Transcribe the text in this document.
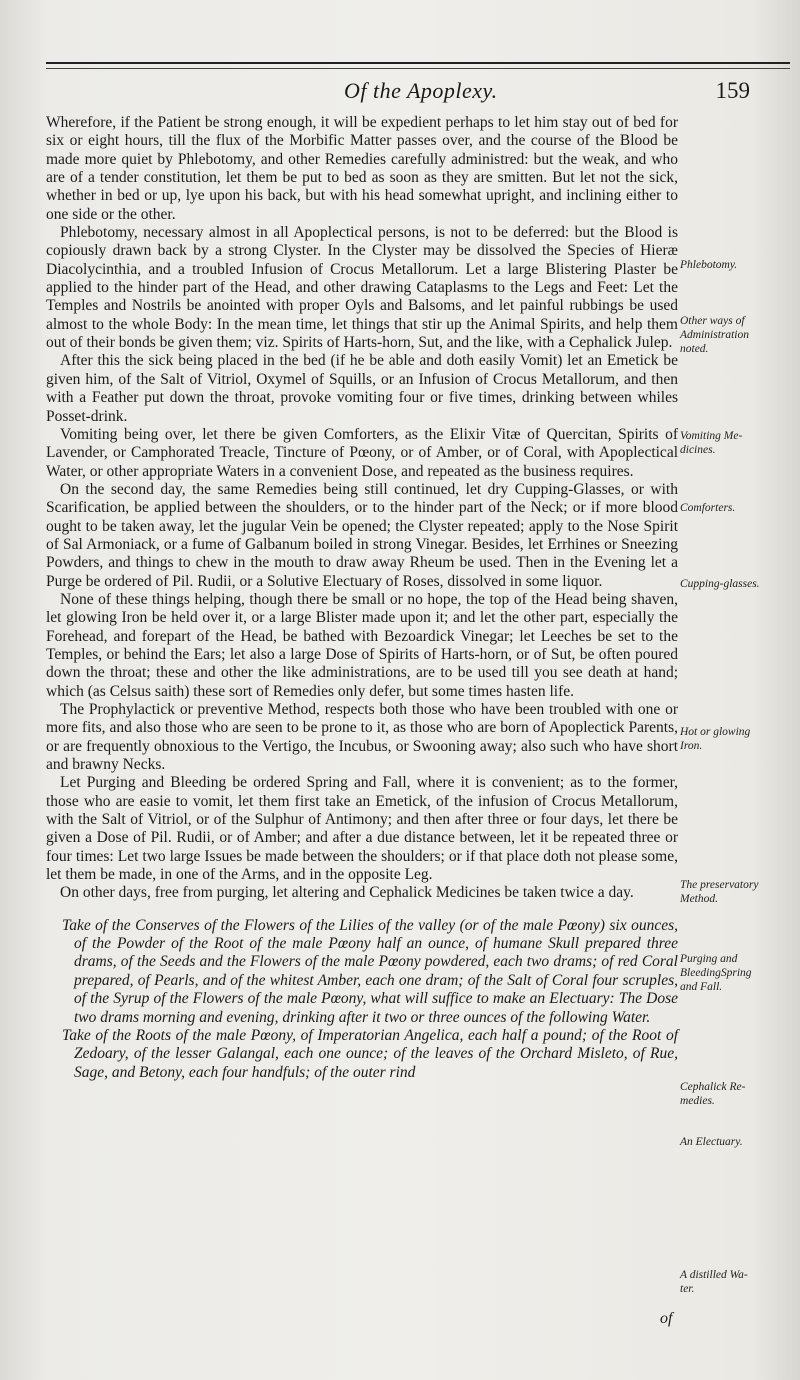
Of the Apoplexy.	159

Wherefore, if the Patient be strong enough, it will be expedient perhaps to let him stay out of bed for six or eight hours, till the flux of the Morbific Matter passes over, and the course of the Blood be made more quiet by Phlebotomy, and other Remedies carefully administred: but the weak, and who are of a tender constitution, let them be put to bed as soon as they are smitten. But let not the sick, whether in bed or up, lye upon his back, but with his head somewhat upright, and inclining either to one side or the other.

Phlebotomy, necessary almost in all Apoplectical persons, is not to be deferred: but the Blood is copiously drawn back by a strong Clyster. In the Clyster may be dissolved the Species of Hieræ Diacolycinthia, and a troubled Infusion of Crocus Metallorum. Let a large Blistering Plaster be applied to the hinder part of the Head, and other drawing Cataplasms to the Legs and Feet: Let the Temples and Nostrils be anointed with proper Oyls and Balsoms, and let painful rubbings be used almost to the whole Body: In the mean time, let things that stir up the Animal Spirits, and help them out of their bonds be given them; viz. Spirits of Harts-horn, Sut, and the like, with a Cephalick Julep.

After this the sick being placed in the bed (if he be able and doth easily Vomit) let an Emetick be given him, of the Salt of Vitriol, Oxymel of Squills, or an Infusion of Crocus Metallorum, and then with a Feather put down the throat, provoke vomiting four or five times, drinking between whiles Posset-drink.

Vomiting being over, let there be given Comforters, as the Elixir Vitæ of Quercitan, Spirits of Lavender, or Camphorated Treacle, Tincture of Pœony, or of Amber, or of Coral, with Apoplectical Water, or other appropriate Waters in a convenient Dose, and repeated as the business requires.

On the second day, the same Remedies being still continued, let dry Cupping-Glasses, or with Scarification, be applied between the shoulders, or to the hinder part of the Neck; or if more blood ought to be taken away, let the jugular Vein be opened; the Clyster repeated; apply to the Nose Spirit of Sal Armoniack, or a fume of Galbanum boiled in strong Vinegar. Besides, let Errhines or Sneezing Powders, and things to chew in the mouth to draw away Rheum be used. Then in the Evening let a Purge be ordered of Pil. Rudii, or a Solutive Electuary of Roses, dissolved in some liquor.

None of these things helping, though there be small or no hope, the top of the Head being shaven, let glowing Iron be held over it, or a large Blister made upon it; and let the other part, especially the Forehead, and forepart of the Head, be bathed with Bezoardick Vinegar; let Leeches be set to the Temples, or behind the Ears; let also a large Dose of Spirits of Harts-horn, or of Sut, be often poured down the throat; these and other the like administrations, are to be used till you see death at hand; which (as Celsus saith) these sort of Remedies only defer, but some times hasten life.

The Prophylactick or preventive Method, respects both those who have been troubled with one or more fits, and also those who are seen to be prone to it, as those who are born of Apoplectick Parents, or are frequently obnoxious to the Vertigo, the Incubus, or Swooning away; also such who have short and brawny Necks.

Let Purging and Bleeding be ordered Spring and Fall, where it is convenient; as to the former, those who are easie to vomit, let them first take an Emetick, of the infusion of Crocus Metallorum, with the Salt of Vitriol, or of the Sulphur of Antimony; and then after three or four days, let there be given a Dose of Pil. Rudii, or of Amber; and after a due distance between, let it be repeated three or four times: Let two large Issues be made between the shoulders; or if that place doth not please some, let them be made, in one of the Arms, and in the opposite Leg.

On other days, free from purging, let altering and Cephalick Medicines be taken twice a day.

Take of the Conserves of the Flowers of the Lilies of the valley (or of the male Pœony) six ounces, of the Powder of the Root of the male Pœony half an ounce, of humane Skull prepared three drams, of the Seeds and the Flowers of the male Pœony powdered, each two drams; of red Coral prepared, of Pearls, and of the whitest Amber, each one dram; of the Salt of Coral four scruples, of the Syrup of the Flowers of the male Pœony, what will suffice to make an Electuary: The Dose two drams morning and evening, drinking after it two or three ounces of the following Water.

Take of the Roots of the male Pœony, of Imperatorian Angelica, each half a pound; of the Root of Zedoary, of the lesser Galangal, each one ounce; of the leaves of the Orchard Misleto, of Rue, Sage, and Betony, each four handfuls; of the outer rind

of
Phlebotomy.
Other ways of
Administration
noted.
Vomiting Me-
dicines.
Comforters.
Cupping-glasses.
Hot or glowing
Iron.
The preservatory
Method.
Purging and
BleedingSpring
and Fall.
Cephalick Re-
medies.
An Electuary.
A distilled Wa-
ter.
